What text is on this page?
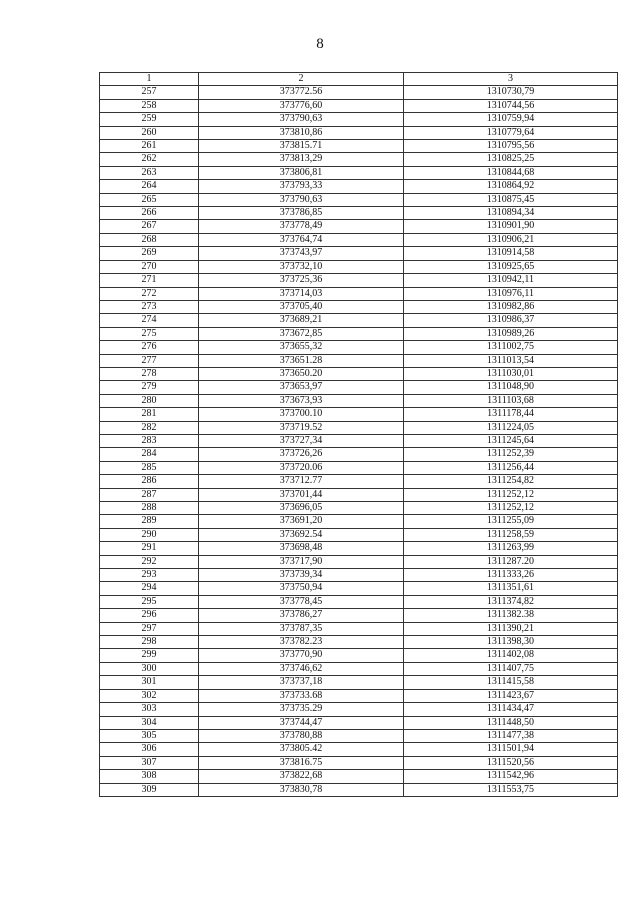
8
1	2	3
257	373772.56	1310730,79
258	373776,60	1310744,56
259	373790,63	1310759,94
260	373810,86	1310779,64
261	373815.71	1310795,56
262	373813,29	1310825,25
263	373806,81	1310844,68
264	373793,33	1310864,92
265	373790,63	1310875,45
266	373786,85	1310894,34
267	373778,49	1310901,90
268	373764,74	1310906,21
269	373743,97	1310914,58
270	373732,10	1310925,65
271	373725,36	1310942,11
272	373714,03	1310976,11
273	373705,40	1310982,86
274	373689,21	1310986,37
275	373672,85	1310989,26
276	373655,32	1311002,75
277	373651.28	1311013,54
278	373650.20	1311030,01
279	373653,97	1311048,90
280	373673,93	1311103,68
281	373700.10	1311178,44
282	373719.52	1311224,05
283	373727,34	1311245,64
284	373726,26	1311252,39
285	373720.06	1311256,44
286	373712.77	1311254,82
287	373701,44	1311252,12
288	373696,05	1311252,12
289	373691,20	1311255,09
290	373692.54	1311258,59
291	373698,48	1311263,99
292	373717,90	1311287.20
293	373739,34	1311333,26
294	373750,94	1311351,61
295	373778,45	1311374,82
296	373786,27	1311382.38
297	373787,35	1311390,21
298	373782.23	1311398,30
299	373770,90	1311402,08
300	373746,62	1311407,75
301	373737,18	1311415,58
302	373733.68	1311423,67
303	373735.29	1311434,47
304	373744,47	1311448,50
305	373780,88	1311477,38
306	373805.42	1311501,94
307	373816.75	1311520,56
308	373822,68	1311542,96
309	373830,78	1311553,75
